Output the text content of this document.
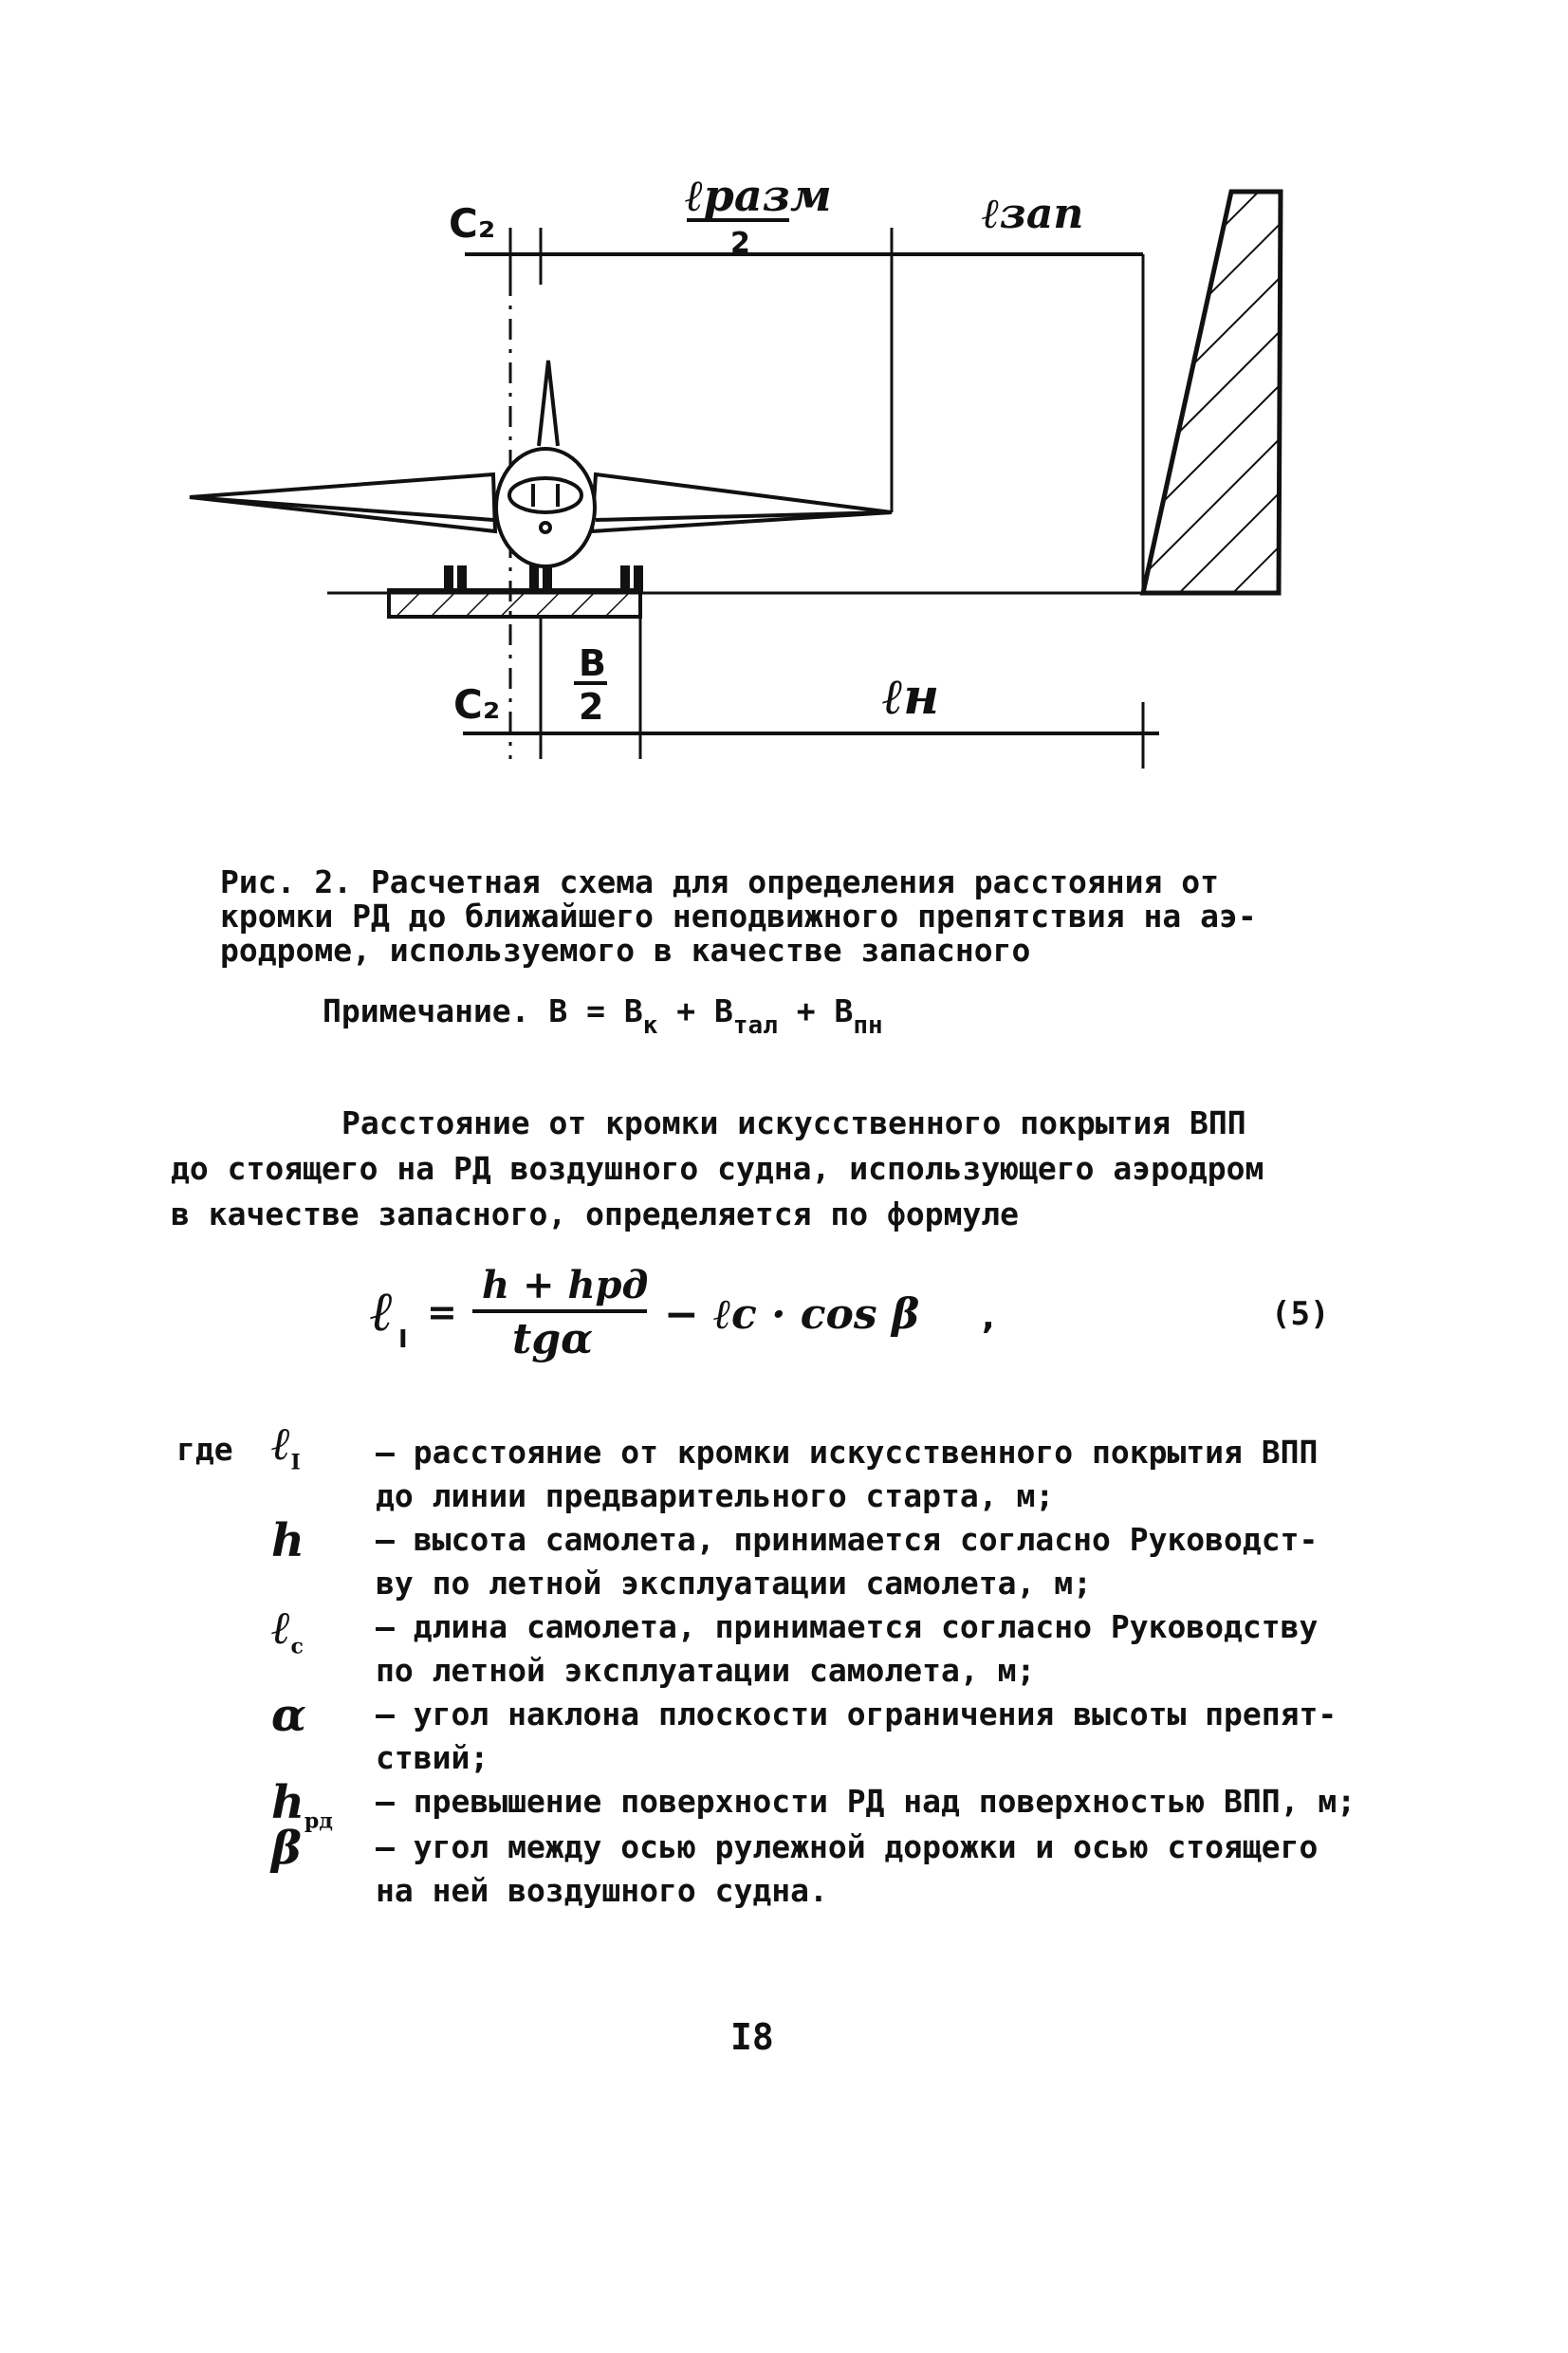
C₂
ℓразм
2
ℓзап
C₂
B
2	ℓн
Рис. 2. Расчетная схема для определения расстояния от
кромки РД до ближайшего неподвижного препятствия на аэ-
родроме, используемого в качестве запасного
Примечание. $B = B_к + B_{тал} + B_{пн}$
Расстояние от кромки искусственного покрытия ВПП
до стоящего на РД воздушного судна, использующего аэродром
в качестве запасного, определяется по формуле
ℓ I
=
h + hрд
tgα
− ℓс · cos β ,	(5)
где ℓ$_I$ – расстояние от кромки искусственного покрытия ВПП
до линии предварительного старта, м;
h – высота самолета, принимается согласно Руководст-
ву по летной эксплуатации самолета, м;
ℓ$_с$
– длина самолета, принимается согласно Руководству
по летной эксплуатации самолета, м;
α – угол наклона плоскости ограничения высоты препят-
ствий;
$h_{рд}$
– превышение поверхности РД над поверхностью ВПП, м;
β – угол между осью рулежной дорожки и осью стоящего
на ней воздушного судна.
I8
